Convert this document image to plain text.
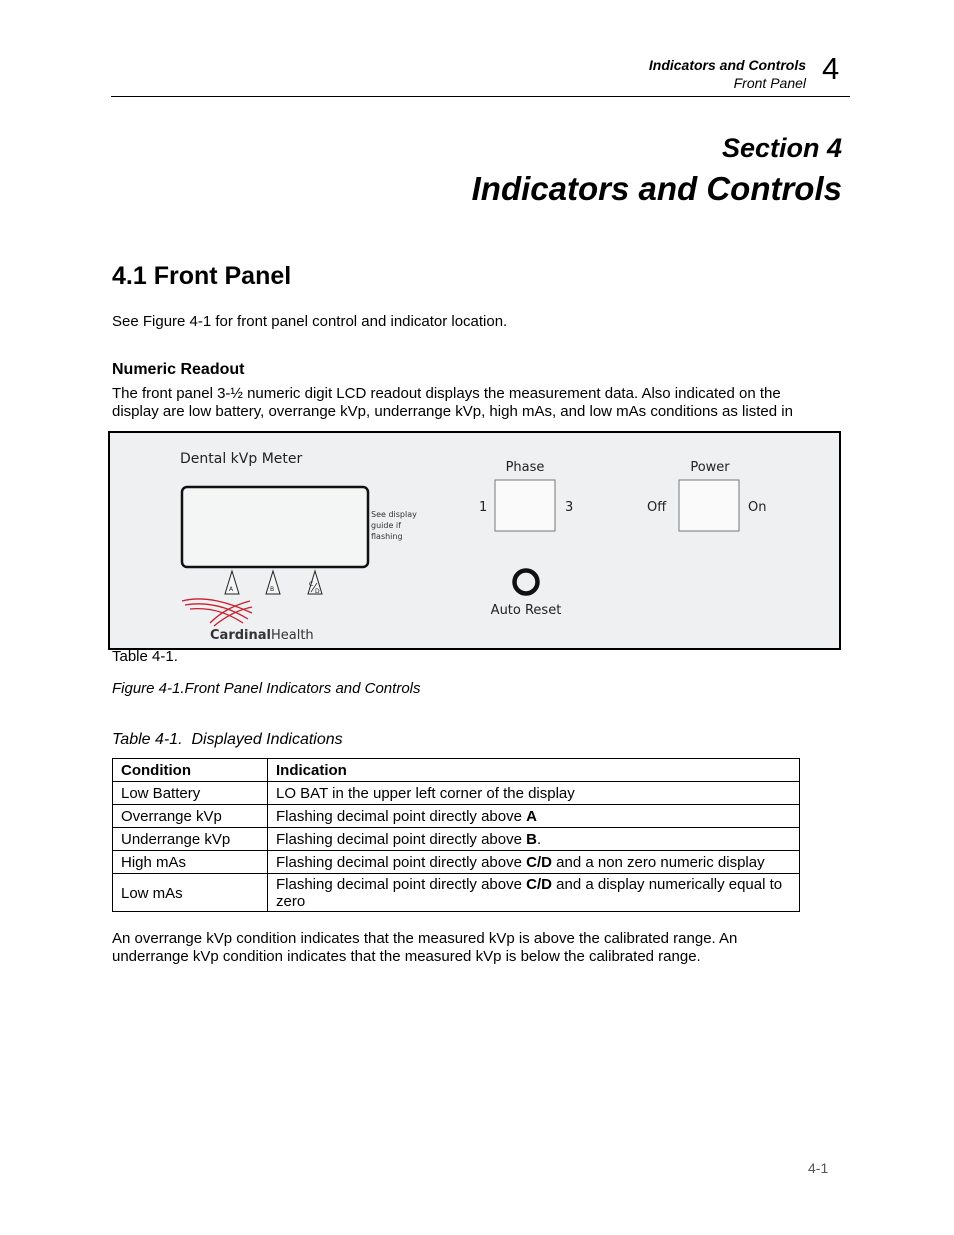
Indicators and Controls
Front Panel 4
Section 4
Indicators and Controls
4.1 Front Panel
See Figure 4-1 for front panel control and indicator location.
Numeric Readout
The front panel 3-½ numeric digit LCD readout displays the measurement data. Also indicated on the
display are low battery, overrange kVp, underrange kVp, high mAs, and low mAs conditions as listed in
Dental kVp Meter
See display
guide if
flashing
A	B
C
D
Phase
1	3
Power
Off	On
Auto Reset
CardinalHealth
Table 4-1.
Figure 4-1.Front Panel Indicators and Controls
Table 4-1.  Displayed Indications
Condition	Indication
Low Battery	LO BAT in the upper left corner of the display
Overrange kVp	Flashing decimal point directly above A
Underrange kVp	Flashing decimal point directly above B.
High mAs	Flashing decimal point directly above C/D and a non zero numeric display
Low mAs	Flashing decimal point directly above C/D and a display numerically equal to zero
An overrange kVp condition indicates that the measured kVp is above the calibrated range. An
underrange kVp condition indicates that the measured kVp is below the calibrated range.
4-1
